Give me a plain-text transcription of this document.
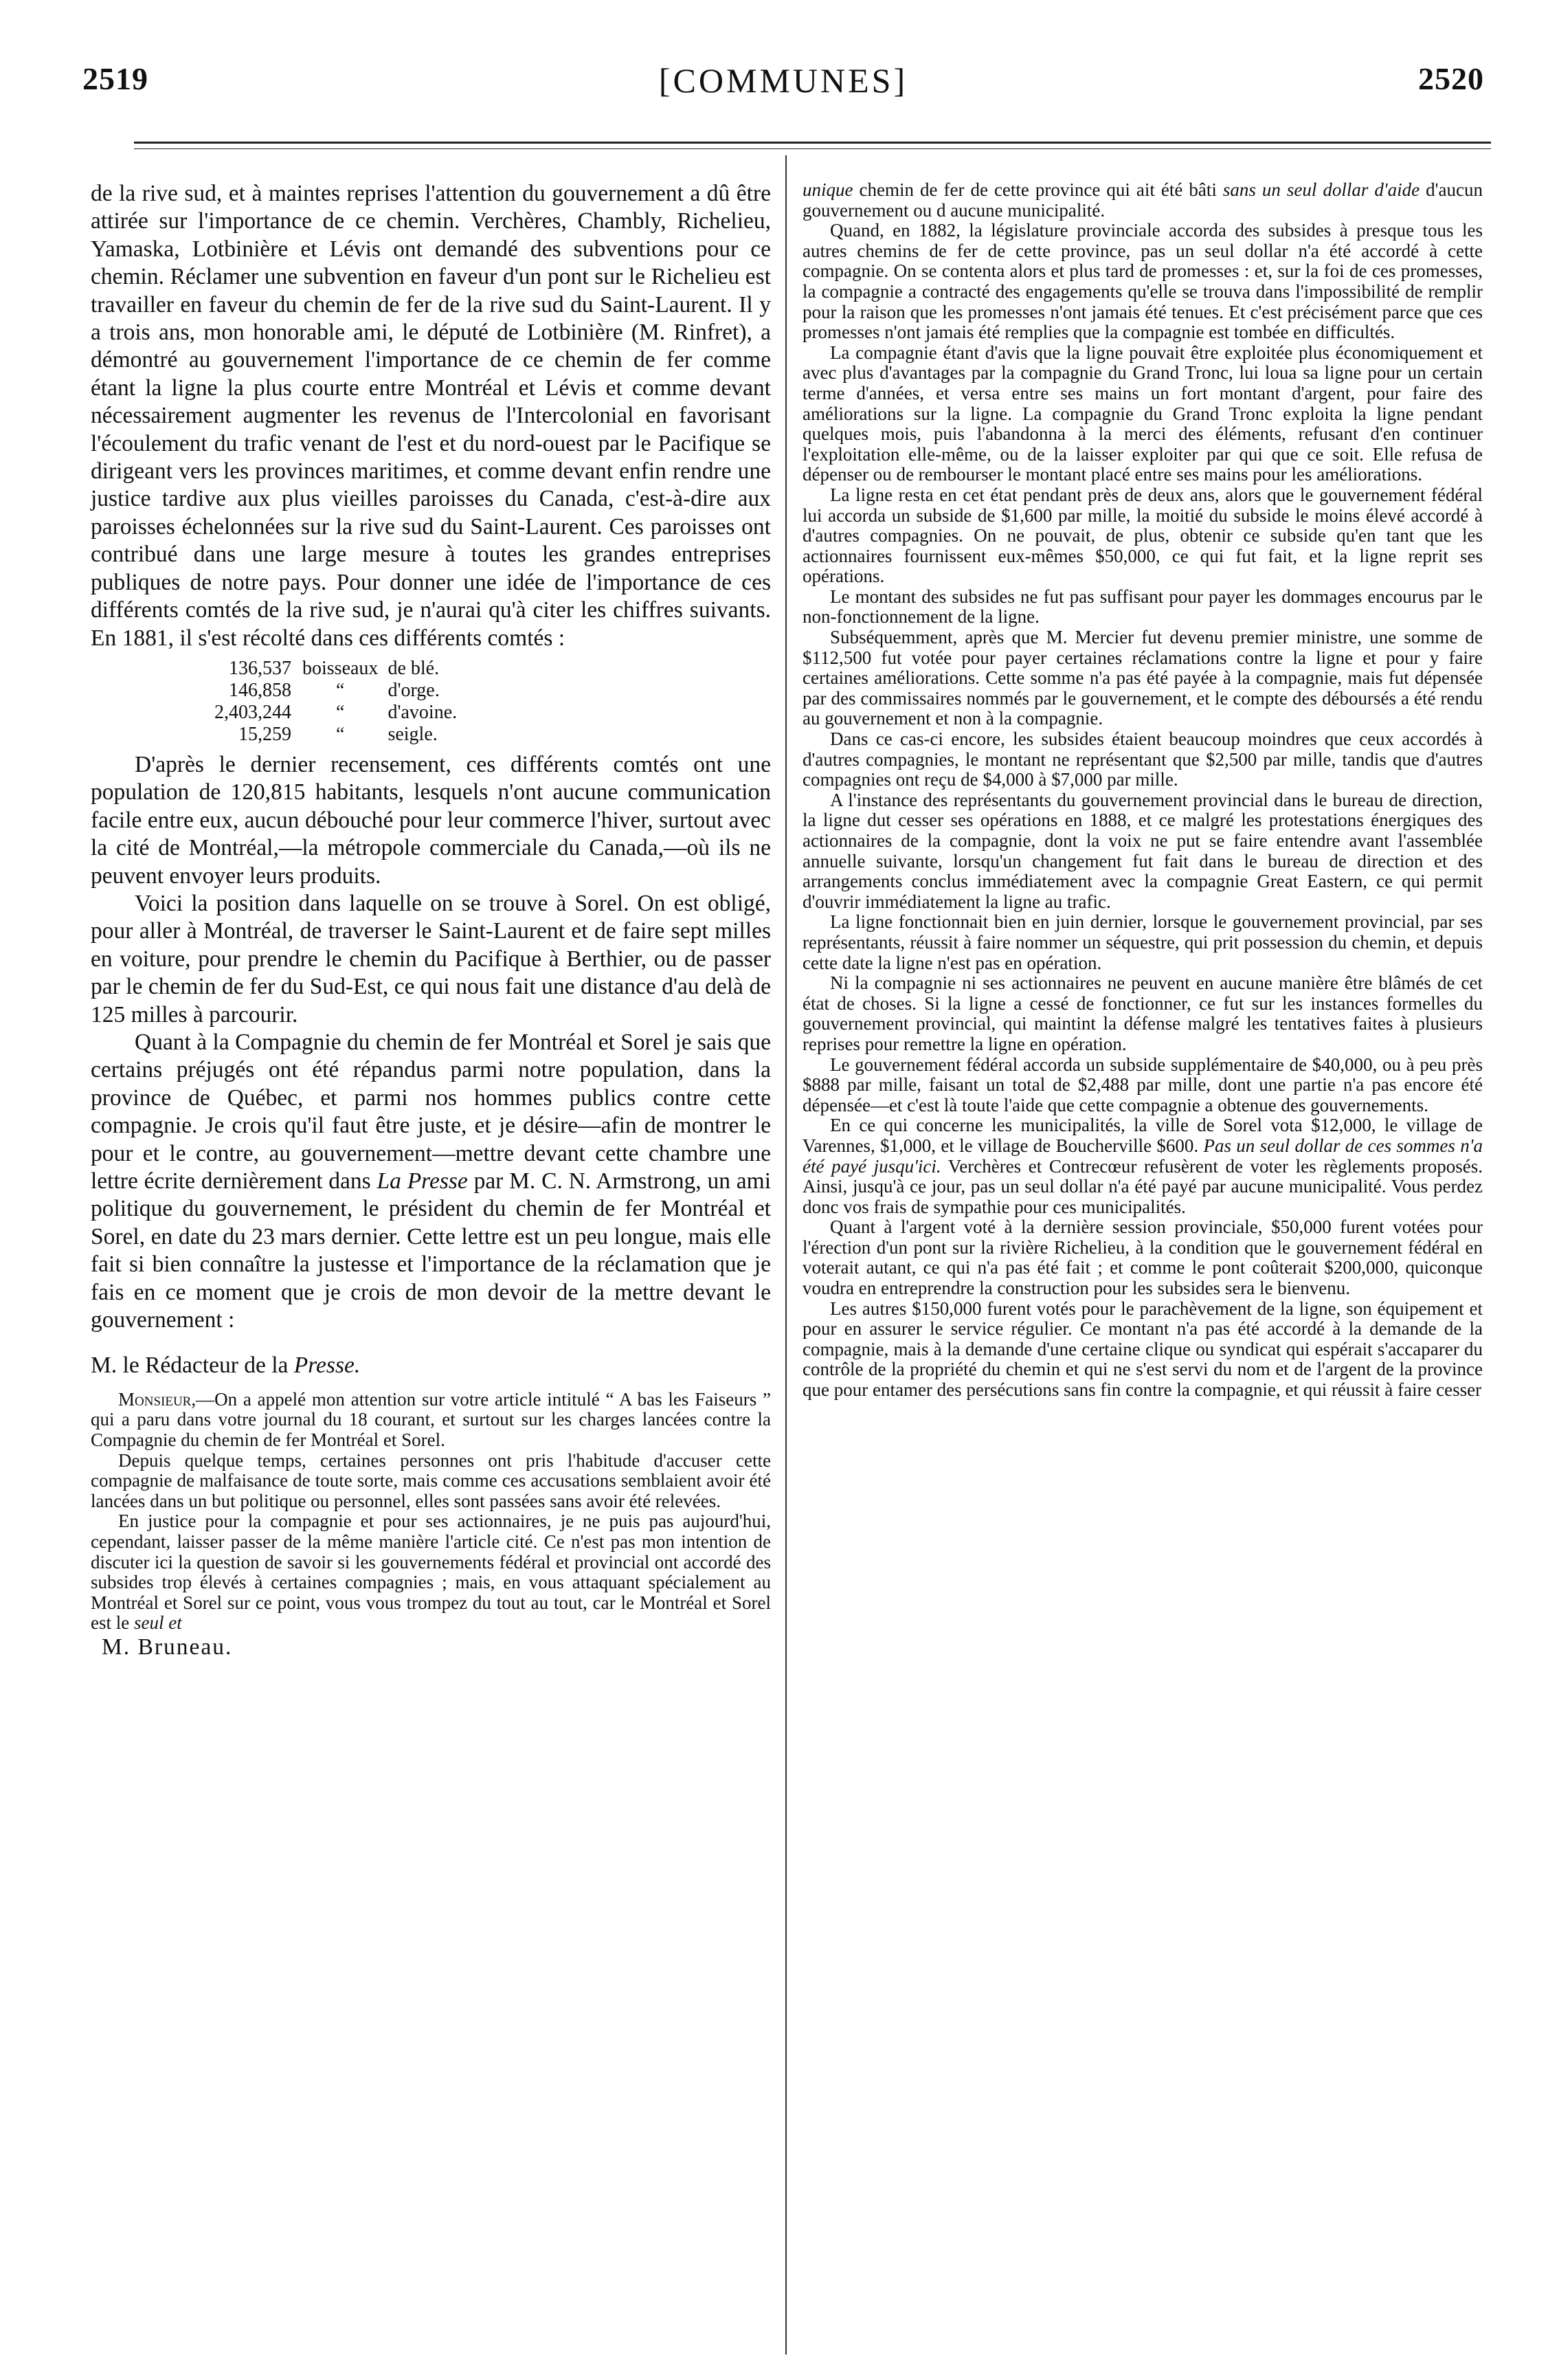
2519	[COMMUNES]	2520

de la rive sud, et à maintes reprises l'attention du gouvernement a dû être attirée sur l'importance de ce chemin. Verchères, Chambly, Richelieu, Yamaska, Lotbinière et Lévis ont demandé des subventions pour ce chemin. Réclamer une subvention en faveur d'un pont sur le Richelieu est travailler en faveur du chemin de fer de la rive sud du Saint-Laurent. Il y a trois ans, mon honorable ami, le député de Lotbinière (M. Rinfret), a démontré au gouvernement l'importance de ce chemin de fer comme étant la ligne la plus courte entre Montréal et Lévis et comme devant nécessairement augmenter les revenus de l'Intercolonial en favorisant l'écoulement du trafic venant de l'est et du nord-ouest par le Pacifique se dirigeant vers les provinces maritimes, et comme devant enfin rendre une justice tardive aux plus vieilles paroisses du Canada, c'est-à-dire aux paroisses échelonnées sur la rive sud du Saint-Laurent. Ces paroisses ont contribué dans une large mesure à toutes les grandes entreprises publiques de notre pays. Pour donner une idée de l'importance de ces différents comtés de la rive sud, je n'aurai qu'à citer les chiffres suivants. En 1881, il s'est récolté dans ces différents comtés :

136,537	boisseaux	de blé.
146,858	“	d'orge.
2,403,244	“	d'avoine.
15,259	“	seigle.

D'après le dernier recensement, ces différents comtés ont une population de 120,815 habitants, lesquels n'ont aucune communication facile entre eux, aucun débouché pour leur commerce l'hiver, surtout avec la cité de Montréal,—la métropole commerciale du Canada,—où ils ne peuvent envoyer leurs produits.

Voici la position dans laquelle on se trouve à Sorel. On est obligé, pour aller à Montréal, de traverser le Saint-Laurent et de faire sept milles en voiture, pour prendre le chemin du Pacifique à Berthier, ou de passer par le chemin de fer du Sud-Est, ce qui nous fait une distance d'au delà de 125 milles à parcourir.

Quant à la Compagnie du chemin de fer Montréal et Sorel je sais que certains préjugés ont été répandus parmi notre population, dans la province de Québec, et parmi nos hommes publics contre cette compagnie. Je crois qu'il faut être juste, et je désire—afin de montrer le pour et le contre, au gouvernement—mettre devant cette chambre une lettre écrite dernièrement dans La Presse par M. C. N. Armstrong, un ami politique du gouvernement, le président du chemin de fer Montréal et Sorel, en date du 23 mars dernier. Cette lettre est un peu longue, mais elle fait si bien connaître la justesse et l'importance de la réclamation que je fais en ce moment que je crois de mon devoir de la mettre devant le gouvernement :

M. le Rédacteur de la Presse.

Monsieur,—On a appelé mon attention sur votre article intitulé “ A bas les Faiseurs ” qui a paru dans votre journal du 18 courant, et surtout sur les charges lancées contre la Compagnie du chemin de fer Montréal et Sorel.

Depuis quelque temps, certaines personnes ont pris l'habitude d'accuser cette compagnie de malfaisance de toute sorte, mais comme ces accusations semblaient avoir été lancées dans un but politique ou personnel, elles sont passées sans avoir été relevées.

En justice pour la compagnie et pour ses actionnaires, je ne puis pas aujourd'hui, cependant, laisser passer de la même manière l'article cité. Ce n'est pas mon intention de discuter ici la question de savoir si les gouvernements fédéral et provincial ont accordé des subsides trop élevés à certaines compagnies ; mais, en vous attaquant spécialement au Montréal et Sorel sur ce point, vous vous trompez du tout au tout, car le Montréal et Sorel est le seul et

M. Bruneau.

unique chemin de fer de cette province qui ait été bâti sans un seul dollar d'aide d'aucun gouvernement ou d aucune municipalité.

Quand, en 1882, la législature provinciale accorda des subsides à presque tous les autres chemins de fer de cette province, pas un seul dollar n'a été accordé à cette compagnie. On se contenta alors et plus tard de promesses : et, sur la foi de ces promesses, la compagnie a contracté des engagements qu'elle se trouva dans l'impossibilité de remplir pour la raison que les promesses n'ont jamais été tenues. Et c'est précisément parce que ces promesses n'ont jamais été remplies que la compagnie est tombée en difficultés.

La compagnie étant d'avis que la ligne pouvait être exploitée plus économiquement et avec plus d'avantages par la compagnie du Grand Tronc, lui loua sa ligne pour un certain terme d'années, et versa entre ses mains un fort montant d'argent, pour faire des améliorations sur la ligne. La compagnie du Grand Tronc exploita la ligne pendant quelques mois, puis l'abandonna à la merci des éléments, refusant d'en continuer l'exploitation elle-même, ou de la laisser exploiter par qui que ce soit. Elle refusa de dépenser ou de rembourser le montant placé entre ses mains pour les améliorations.

La ligne resta en cet état pendant près de deux ans, alors que le gouvernement fédéral lui accorda un subside de $1,600 par mille, la moitié du subside le moins élevé accordé à d'autres compagnies. On ne pouvait, de plus, obtenir ce subside qu'en tant que les actionnaires fournissent eux-mêmes $50,000, ce qui fut fait, et la ligne reprit ses opérations.

Le montant des subsides ne fut pas suffisant pour payer les dommages encourus par le non-fonctionnement de la ligne.

Subséquemment, après que M. Mercier fut devenu premier ministre, une somme de $112,500 fut votée pour payer certaines réclamations contre la ligne et pour y faire certaines améliorations. Cette somme n'a pas été payée à la compagnie, mais fut dépensée par des commissaires nommés par le gouvernement, et le compte des déboursés a été rendu au gouvernement et non à la compagnie.

Dans ce cas-ci encore, les subsides étaient beaucoup moindres que ceux accordés à d'autres compagnies, le montant ne représentant que $2,500 par mille, tandis que d'autres compagnies ont reçu de $4,000 à $7,000 par mille.

A l'instance des représentants du gouvernement provincial dans le bureau de direction, la ligne dut cesser ses opérations en 1888, et ce malgré les protestations énergiques des actionnaires de la compagnie, dont la voix ne put se faire entendre avant l'assemblée annuelle suivante, lorsqu'un changement fut fait dans le bureau de direction et des arrangements conclus immédiatement avec la compagnie Great Eastern, ce qui permit d'ouvrir immédiatement la ligne au trafic.

La ligne fonctionnait bien en juin dernier, lorsque le gouvernement provincial, par ses représentants, réussit à faire nommer un séquestre, qui prit possession du chemin, et depuis cette date la ligne n'est pas en opération.

Ni la compagnie ni ses actionnaires ne peuvent en aucune manière être blâmés de cet état de choses. Si la ligne a cessé de fonctionner, ce fut sur les instances formelles du gouvernement provincial, qui maintint la défense malgré les tentatives faites à plusieurs reprises pour remettre la ligne en opération.

Le gouvernement fédéral accorda un subside supplémentaire de $40,000, ou à peu près $888 par mille, faisant un total de $2,488 par mille, dont une partie n'a pas encore été dépensée—et c'est là toute l'aide que cette compagnie a obtenue des gouvernements.

En ce qui concerne les municipalités, la ville de Sorel vota $12,000, le village de Varennes, $1,000, et le village de Boucherville $600. Pas un seul dollar de ces sommes n'a été payé jusqu'ici. Verchères et Contrecœur refusèrent de voter les règlements proposés. Ainsi, jusqu'à ce jour, pas un seul dollar n'a été payé par aucune municipalité. Vous perdez donc vos frais de sympathie pour ces municipalités.

Quant à l'argent voté à la dernière session provinciale, $50,000 furent votées pour l'érection d'un pont sur la rivière Richelieu, à la condition que le gouvernement fédéral en voterait autant, ce qui n'a pas été fait ; et comme le pont coûterait $200,000, quiconque voudra en entreprendre la construction pour les subsides sera le bienvenu.

Les autres $150,000 furent votés pour le parachèvement de la ligne, son équipement et pour en assurer le service régulier. Ce montant n'a pas été accordé à la demande de la compagnie, mais à la demande d'une certaine clique ou syndicat qui espérait s'accaparer du contrôle de la propriété du chemin et qui ne s'est servi du nom et de l'argent de la province que pour entamer des persécutions sans fin contre la compagnie, et qui réussit à faire cesser
